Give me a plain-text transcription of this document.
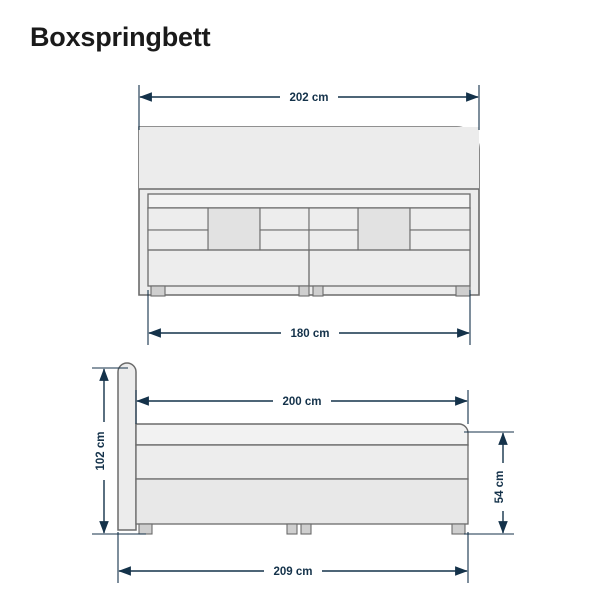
Boxspringbett
202 cm
180 cm
102 cm
200 cm
54 cm
209 cm
